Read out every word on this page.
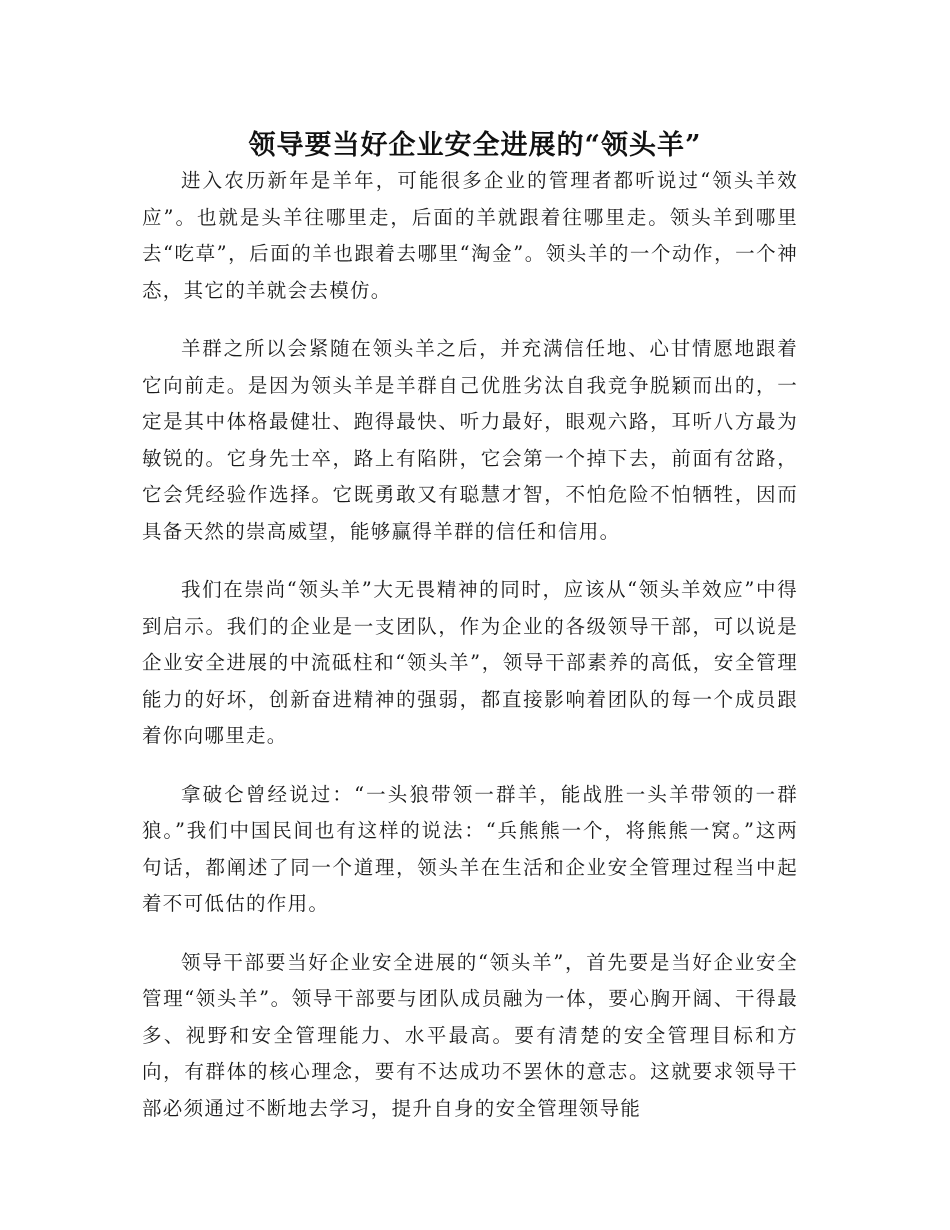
领导要当好企业安全进展的“领头羊”

进入农历新年是羊年，可能很多企业的管理者都听说过“领头羊效应”。也就是头羊往哪里走，后面的羊就跟着往哪里走。领头羊到哪里去“吃草”，后面的羊也跟着去哪里“淘金”。领头羊的一个动作，一个神态，其它的羊就会去模仿。

羊群之所以会紧随在领头羊之后，并充满信任地、心甘情愿地跟着它向前走。是因为领头羊是羊群自己优胜劣汰自我竞争脱颖而出的，一定是其中体格最健壮、跑得最快、听力最好，眼观六路，耳听八方最为敏锐的。它身先士卒，路上有陷阱，它会第一个掉下去，前面有岔路，它会凭经验作选择。它既勇敢又有聪慧才智，不怕危险不怕牺牲，因而具备天然的崇高威望，能够赢得羊群的信任和信用。

我们在崇尚“领头羊”大无畏精神的同时，应该从“领头羊效应”中得到启示。我们的企业是一支团队，作为企业的各级领导干部，可以说是企业安全进展的中流砥柱和“领头羊”，领导干部素养的高低，安全管理能力的好坏，创新奋进精神的强弱，都直接影响着团队的每一个成员跟着你向哪里走。

拿破仑曾经说过：“一头狼带领一群羊，能战胜一头羊带领的一群狼。”我们中国民间也有这样的说法：“兵熊熊一个，将熊熊一窝。”这两句话，都阐述了同一个道理，领头羊在生活和企业安全管理过程当中起着不可低估的作用。

领导干部要当好企业安全进展的“领头羊”，首先要是当好企业安全管理“领头羊”。领导干部要与团队成员融为一体，要心胸开阔、干得最多、视野和安全管理能力、水平最高。要有清楚的安全管理目标和方向，有群体的核心理念，要有不达成功不罢休的意志。这就要求领导干部必须通过不断地去学习，提升自身的安全管理领导能
